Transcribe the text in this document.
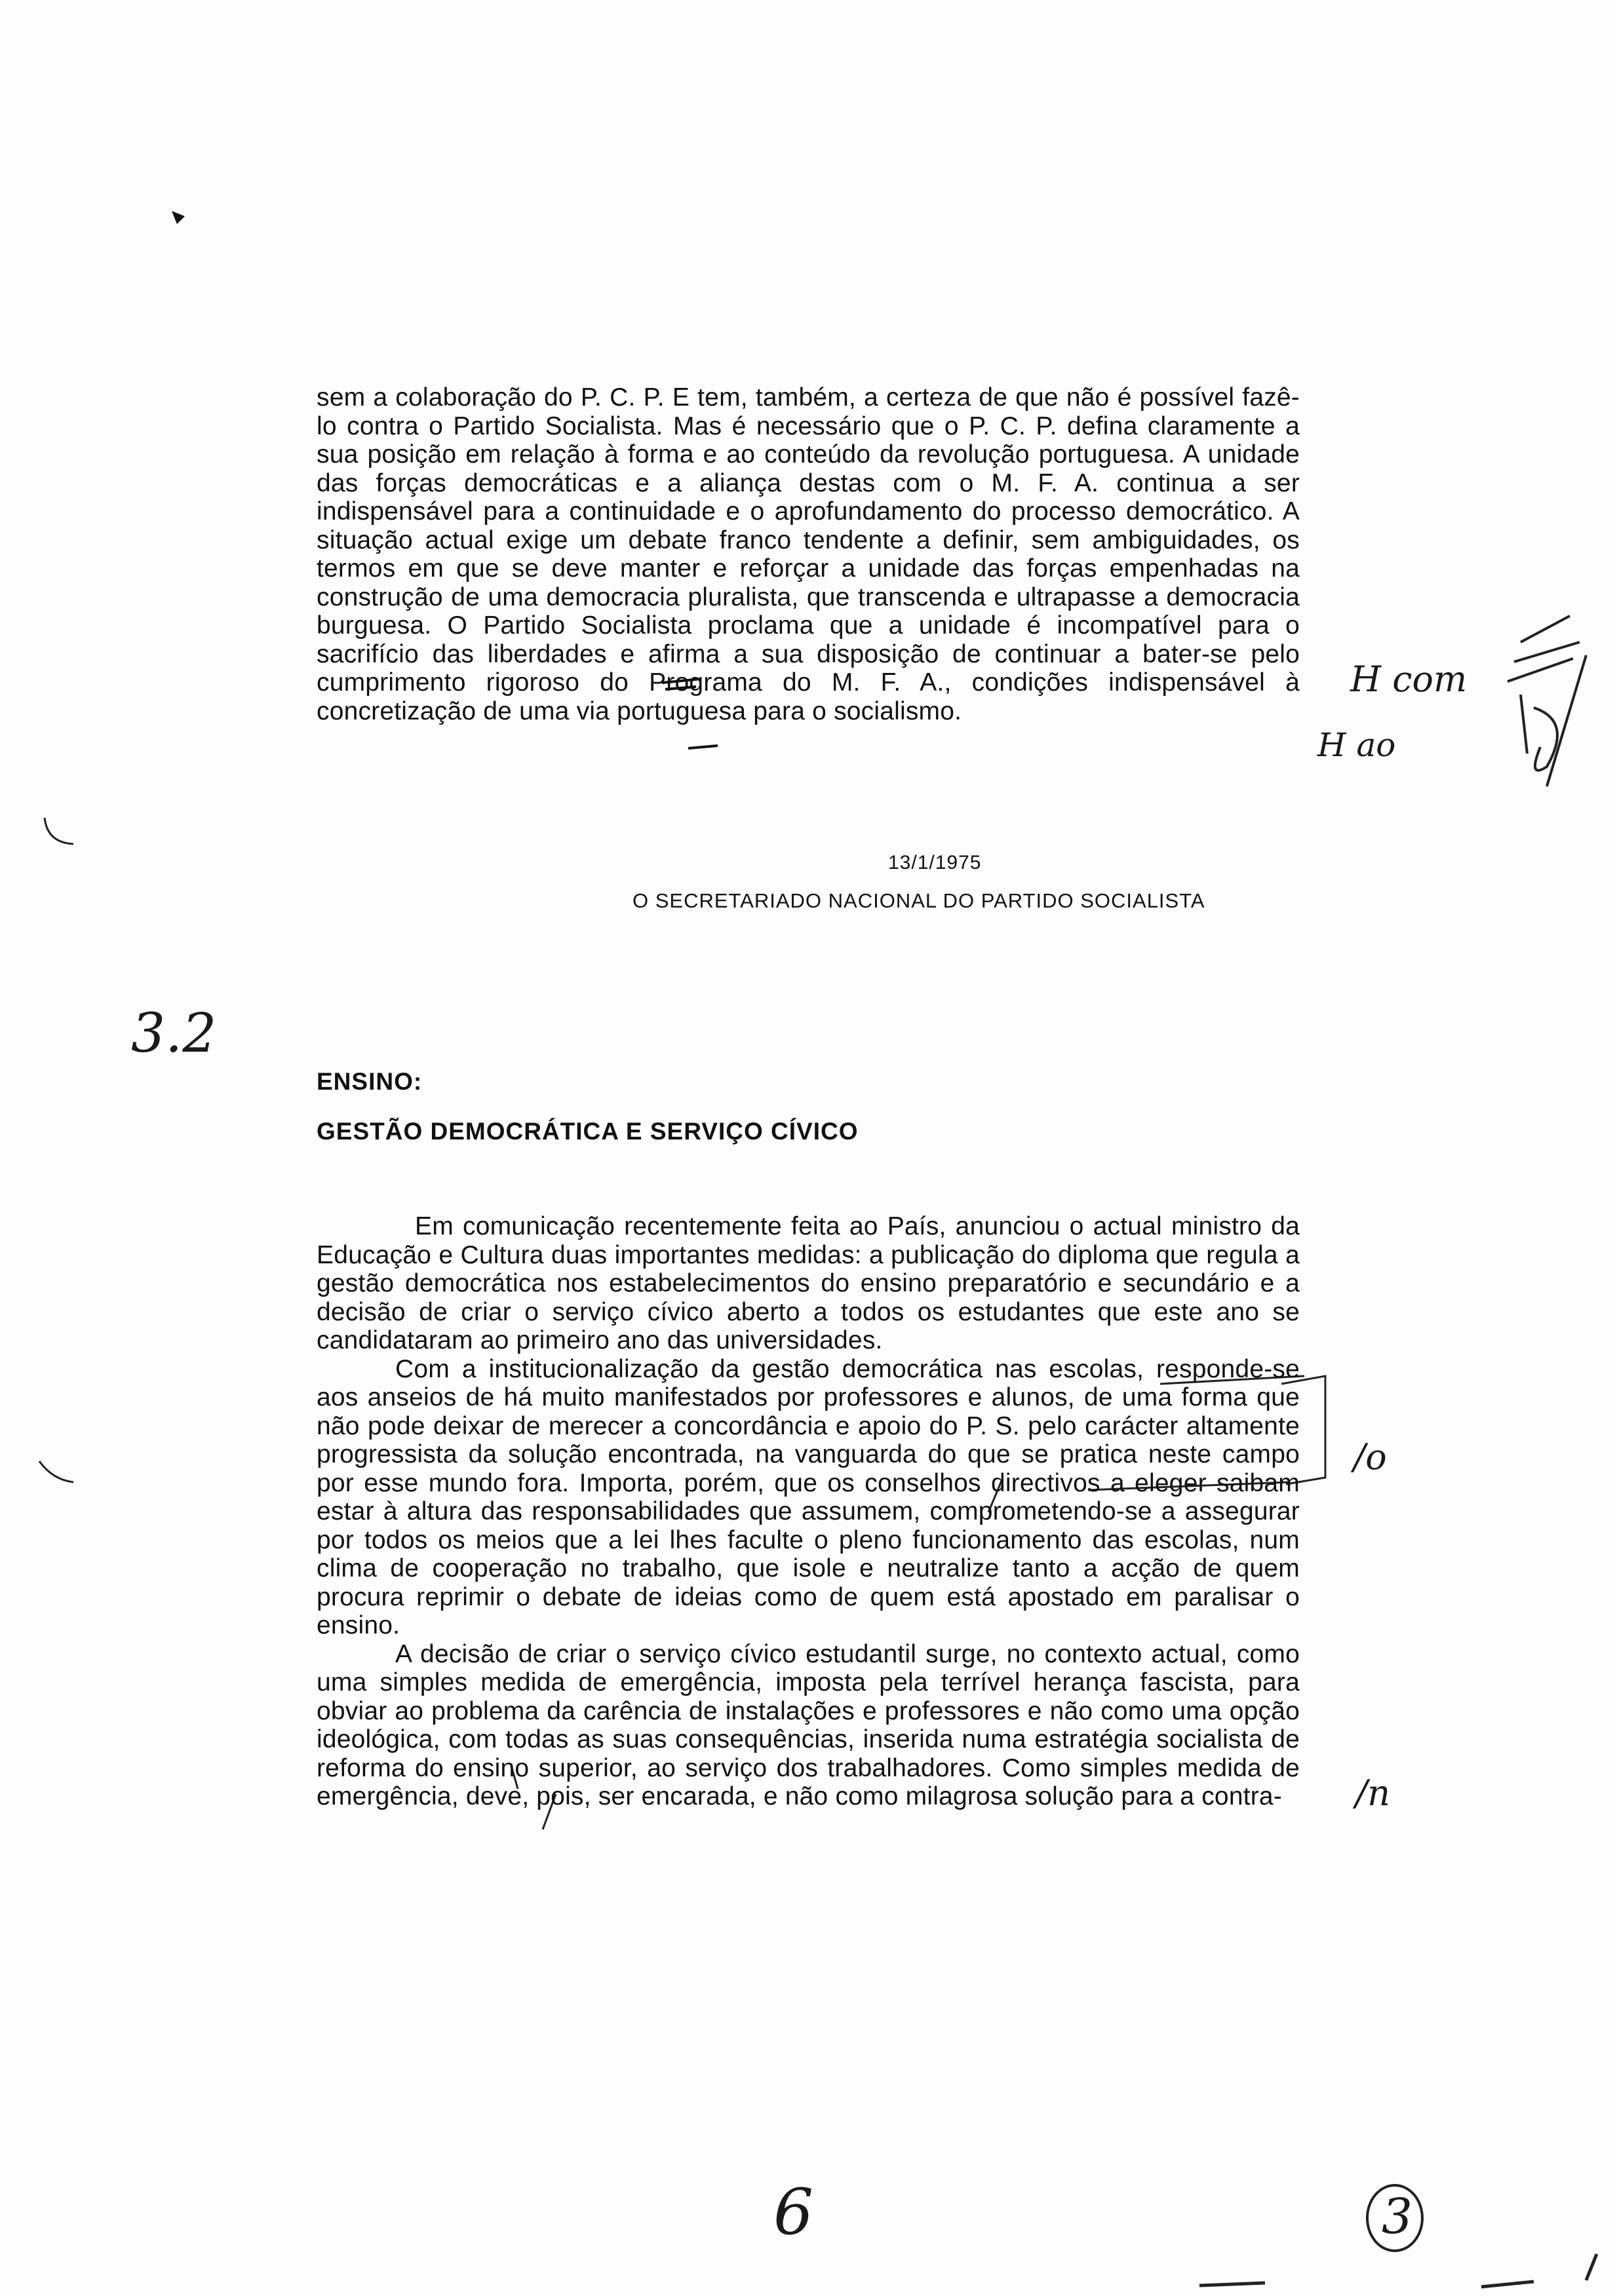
sem a colaboração do P. C. P. E tem, também, a certeza de que não é possível fazê-lo contra o Partido Socialista. Mas é necessário que o P. C. P. defina claramente a sua posição em relação à forma e ao conteúdo da revolução portuguesa. A unidade das forças democráticas e a aliança destas com o M. F. A. continua a ser indispensável para a continuidade e o aprofundamento do processo democrático. A situação actual exige um debate franco tendente a definir, sem ambiguidades, os termos em que se deve manter e reforçar a unidade das forças empenhadas na construção de uma democracia pluralista, que transcenda e ultrapasse a democracia burguesa. O Partido Socialista proclama que a unidade é incompatível para o sacrifício das liberdades e afirma a sua disposição de continuar a bater-se pelo cumprimento rigoroso do Programa do M. F. A., condições indispensável à concretização de uma via portuguesa para o socialismo.

13/1/1975
O SECRETARIADO NACIONAL DO PARTIDO SOCIALISTA
3.2
ENSINO:
GESTÃO DEMOCRÁTICA E SERVIÇO CÍVICO

Em comunicação recentemente feita ao País, anunciou o actual ministro da Educação e Cultura duas importantes medidas: a publicação do diploma que regula a gestão democrática nos estabelecimentos do ensino preparatório e secundário e a decisão de criar o serviço cívico aberto a todos os estudantes que este ano se candidataram ao primeiro ano das universidades.

Com a institucionalização da gestão democrática nas escolas, responde-se aos anseios de há muito manifestados por professores e alunos, de uma forma que não pode deixar de merecer a concordância e apoio do P. S. pelo carácter altamente progressista da solução encontrada, na vanguarda do que se pratica neste campo por esse mundo fora. Importa, porém, que os conselhos directivos a eleger saibam estar à altura das responsabilidades que assumem, comprometendo-se a assegurar por todos os meios que a lei lhes faculte o pleno funcionamento das escolas, num clima de cooperação no trabalho, que isole e neutralize tanto a acção de quem procura reprimir o debate de ideias como de quem está apostado em paralisar o ensino.

A decisão de criar o serviço cívico estudantil surge, no contexto actual, como uma simples medida de emergência, imposta pela terrível herança fascista, para obviar ao problema da carência de instalações e professores e não como uma opção ideológica, com todas as suas consequências, inserida numa estratégia socialista de reforma do ensino superior, ao serviço dos trabalhadores. Como simples medida de emergência, deve, pois, ser encarada, e não como milagrosa solução para a contra-

H com
H ao
/o
/n
6	3
